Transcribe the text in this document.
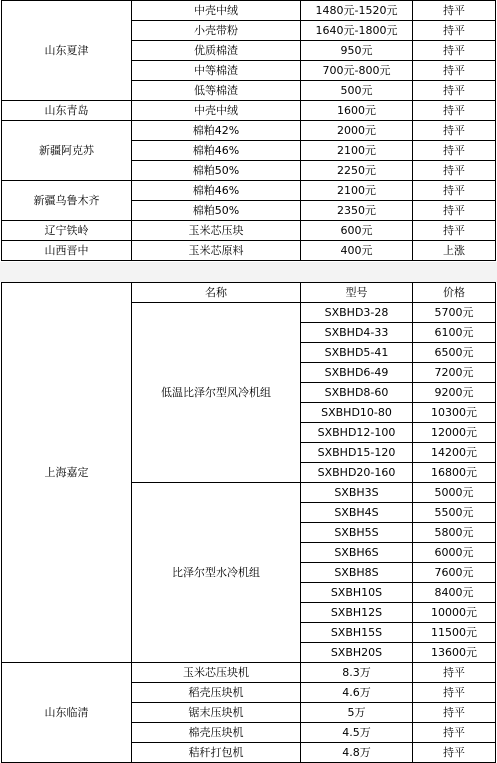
山东夏津	中壳中绒	1480元-1520元	持平
	小壳带粉	1640元-1800元	持平
	优质棉渣	950元	持平
	中等棉渣	700元-800元	持平
	低等棉渣	500元	持平
山东青岛	中壳中绒	1600元	持平
新疆阿克苏	棉粕42%	2000元	持平
	棉粕46%	2100元	持平
	棉粕50%	2250元	持平
新疆乌鲁木齐	棉粕46%	2100元	持平
	棉粕50%	2350元	持平
辽宁铁岭	玉米芯压块	600元	持平
山西晋中	玉米芯原料	400元	上涨
上海嘉定	名称	型号	价格
	低温比泽尔型风冷机组	SXBHD3-28	5700元
		SXBHD4-33	6100元
		SXBHD5-41	6500元
		SXBHD6-49	7200元
		SXBHD8-60	9200元
		SXBHD10-80	10300元
		SXBHD12-100	12000元
		SXBHD15-120	14200元
		SXBHD20-160	16800元
	比泽尔型水冷机组	SXBH3S	5000元
		SXBH4S	5500元
		SXBH5S	5800元
		SXBH6S	6000元
		SXBH8S	7600元
		SXBH10S	8400元
		SXBH12S	10000元
		SXBH15S	11500元
		SXBH20S	13600元
山东临清	玉米芯压块机	8.3万	持平
	稻壳压块机	4.6万	持平
	锯末压块机	5万	持平
	棉壳压块机	4.5万	持平
	秸秆打包机	4.8万	持平
